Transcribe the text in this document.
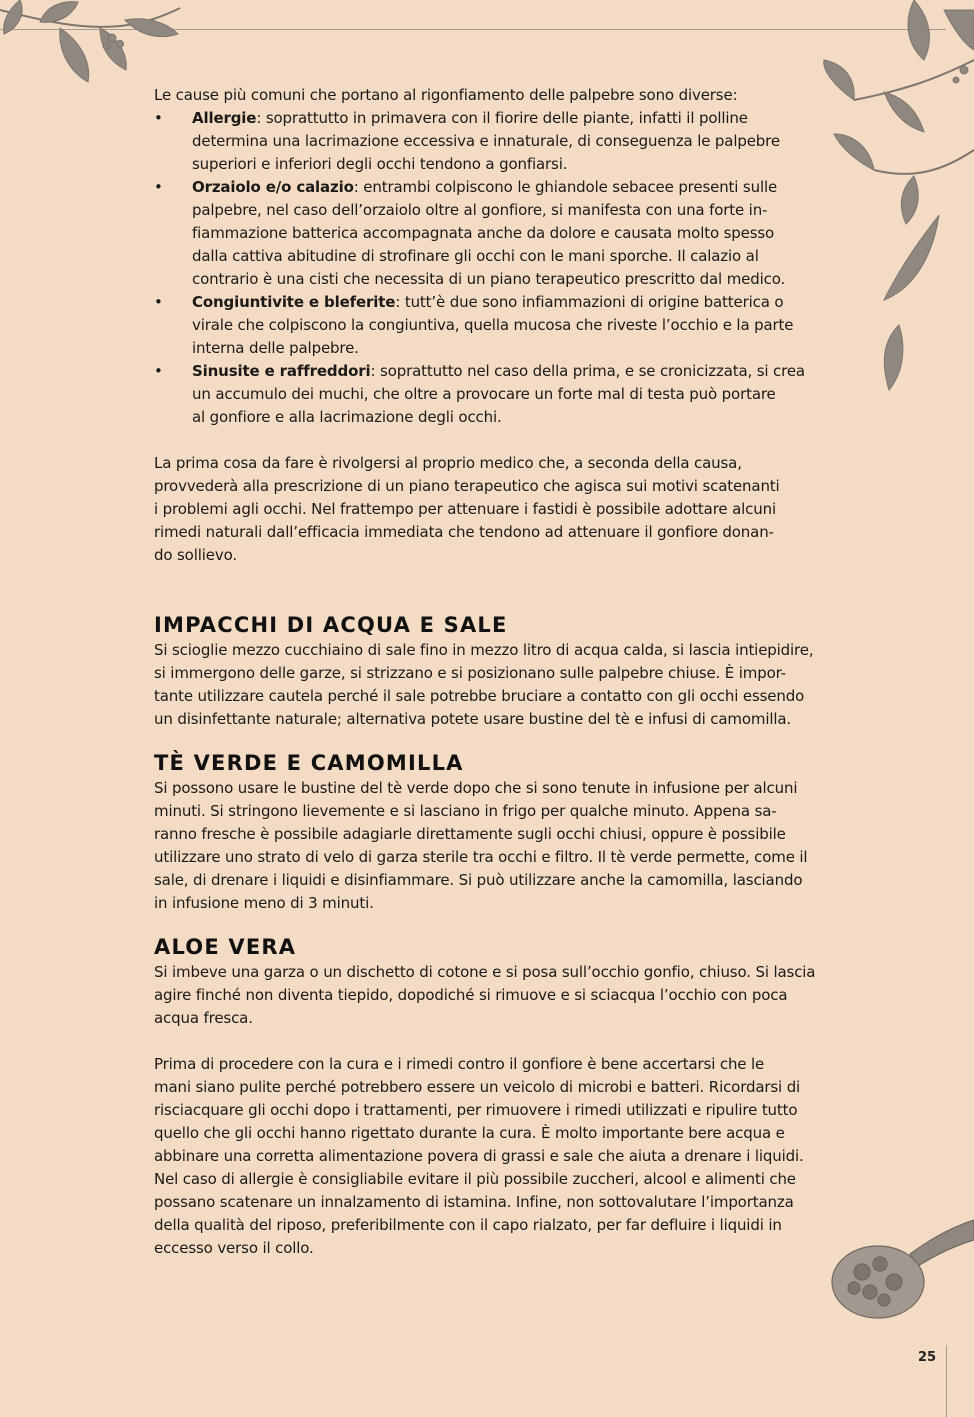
Le cause più comuni che portano al rigonfiamento delle palpebre sono diverse:

• Allergie: soprattutto in primavera con il fiorire delle piante, infatti il polline
determina una lacrimazione eccessiva e innaturale, di conseguenza le palpebre
superiori e inferiori degli occhi tendono a gonfiarsi.
• Orzaiolo e/o calazio: entrambi colpiscono le ghiandole sebacee presenti sulle
palpebre, nel caso dell’orzaiolo oltre al gonfiore, si manifesta con una forte in-
fiammazione batterica accompagnata anche da dolore e causata molto spesso
dalla cattiva abitudine di strofinare gli occhi con le mani sporche. Il calazio al
contrario è una cisti che necessita di un piano terapeutico prescritto dal medico.
• Congiuntivite e bleferite: tutt’è due sono infiammazioni di origine batterica o
virale che colpiscono la congiuntiva, quella mucosa che riveste l’occhio e la parte
interna delle palpebre.
• Sinusite e raffreddori: soprattutto nel caso della prima, e se cronicizzata, si crea
un accumulo dei muchi, che oltre a provocare un forte mal di testa può portare
al gonfiore e alla lacrimazione degli occhi.

La prima cosa da fare è rivolgersi al proprio medico che, a seconda della causa,
provvederà alla prescrizione di un piano terapeutico che agisca sui motivi scatenanti
i problemi agli occhi. Nel frattempo per attenuare i fastidi è possibile adottare alcuni
rimedi naturali dall’efficacia immediata che tendono ad attenuare il gonfiore donan-
do sollievo.

IMPACCHI DI ACQUA E SALE

Si scioglie mezzo cucchiaino di sale fino in mezzo litro di acqua calda, si lascia intiepidire,
si immergono delle garze, si strizzano e si posizionano sulle palpebre chiuse. È impor-
tante utilizzare cautela perché il sale potrebbe bruciare a contatto con gli occhi essendo
un disinfettante naturale; alternativa potete usare bustine del tè e infusi di camomilla.

TÈ VERDE E CAMOMILLA

Si possono usare le bustine del tè verde dopo che si sono tenute in infusione per alcuni
minuti. Si stringono lievemente e si lasciano in frigo per qualche minuto. Appena sa-
ranno fresche è possibile adagiarle direttamente sugli occhi chiusi, oppure è possibile
utilizzare uno strato di velo di garza sterile tra occhi e filtro. Il tè verde permette, come il
sale, di drenare i liquidi e disinfiammare. Si può utilizzare anche la camomilla, lasciando
in infusione meno di 3 minuti.

ALOE VERA

Si imbeve una garza o un dischetto di cotone e si posa sull’occhio gonfio, chiuso. Si lascia
agire finché non diventa tiepido, dopodiché si rimuove e si sciacqua l’occhio con poca
acqua fresca.

Prima di procedere con la cura e i rimedi contro il gonfiore è bene accertarsi che le
mani siano pulite perché potrebbero essere un veicolo di microbi e batteri. Ricordarsi di
risciacquare gli occhi dopo i trattamenti, per rimuovere i rimedi utilizzati e ripulire tutto
quello che gli occhi hanno rigettato durante la cura. È molto importante bere acqua e
abbinare una corretta alimentazione povera di grassi e sale che aiuta a drenare i liquidi.
Nel caso di allergie è consigliabile evitare il più possibile zuccheri, alcool e alimenti che
possano scatenare un innalzamento di istamina. Infine, non sottovalutare l’importanza
della qualità del riposo, preferibilmente con il capo rialzato, per far defluire i liquidi in
eccesso verso il collo.

25
